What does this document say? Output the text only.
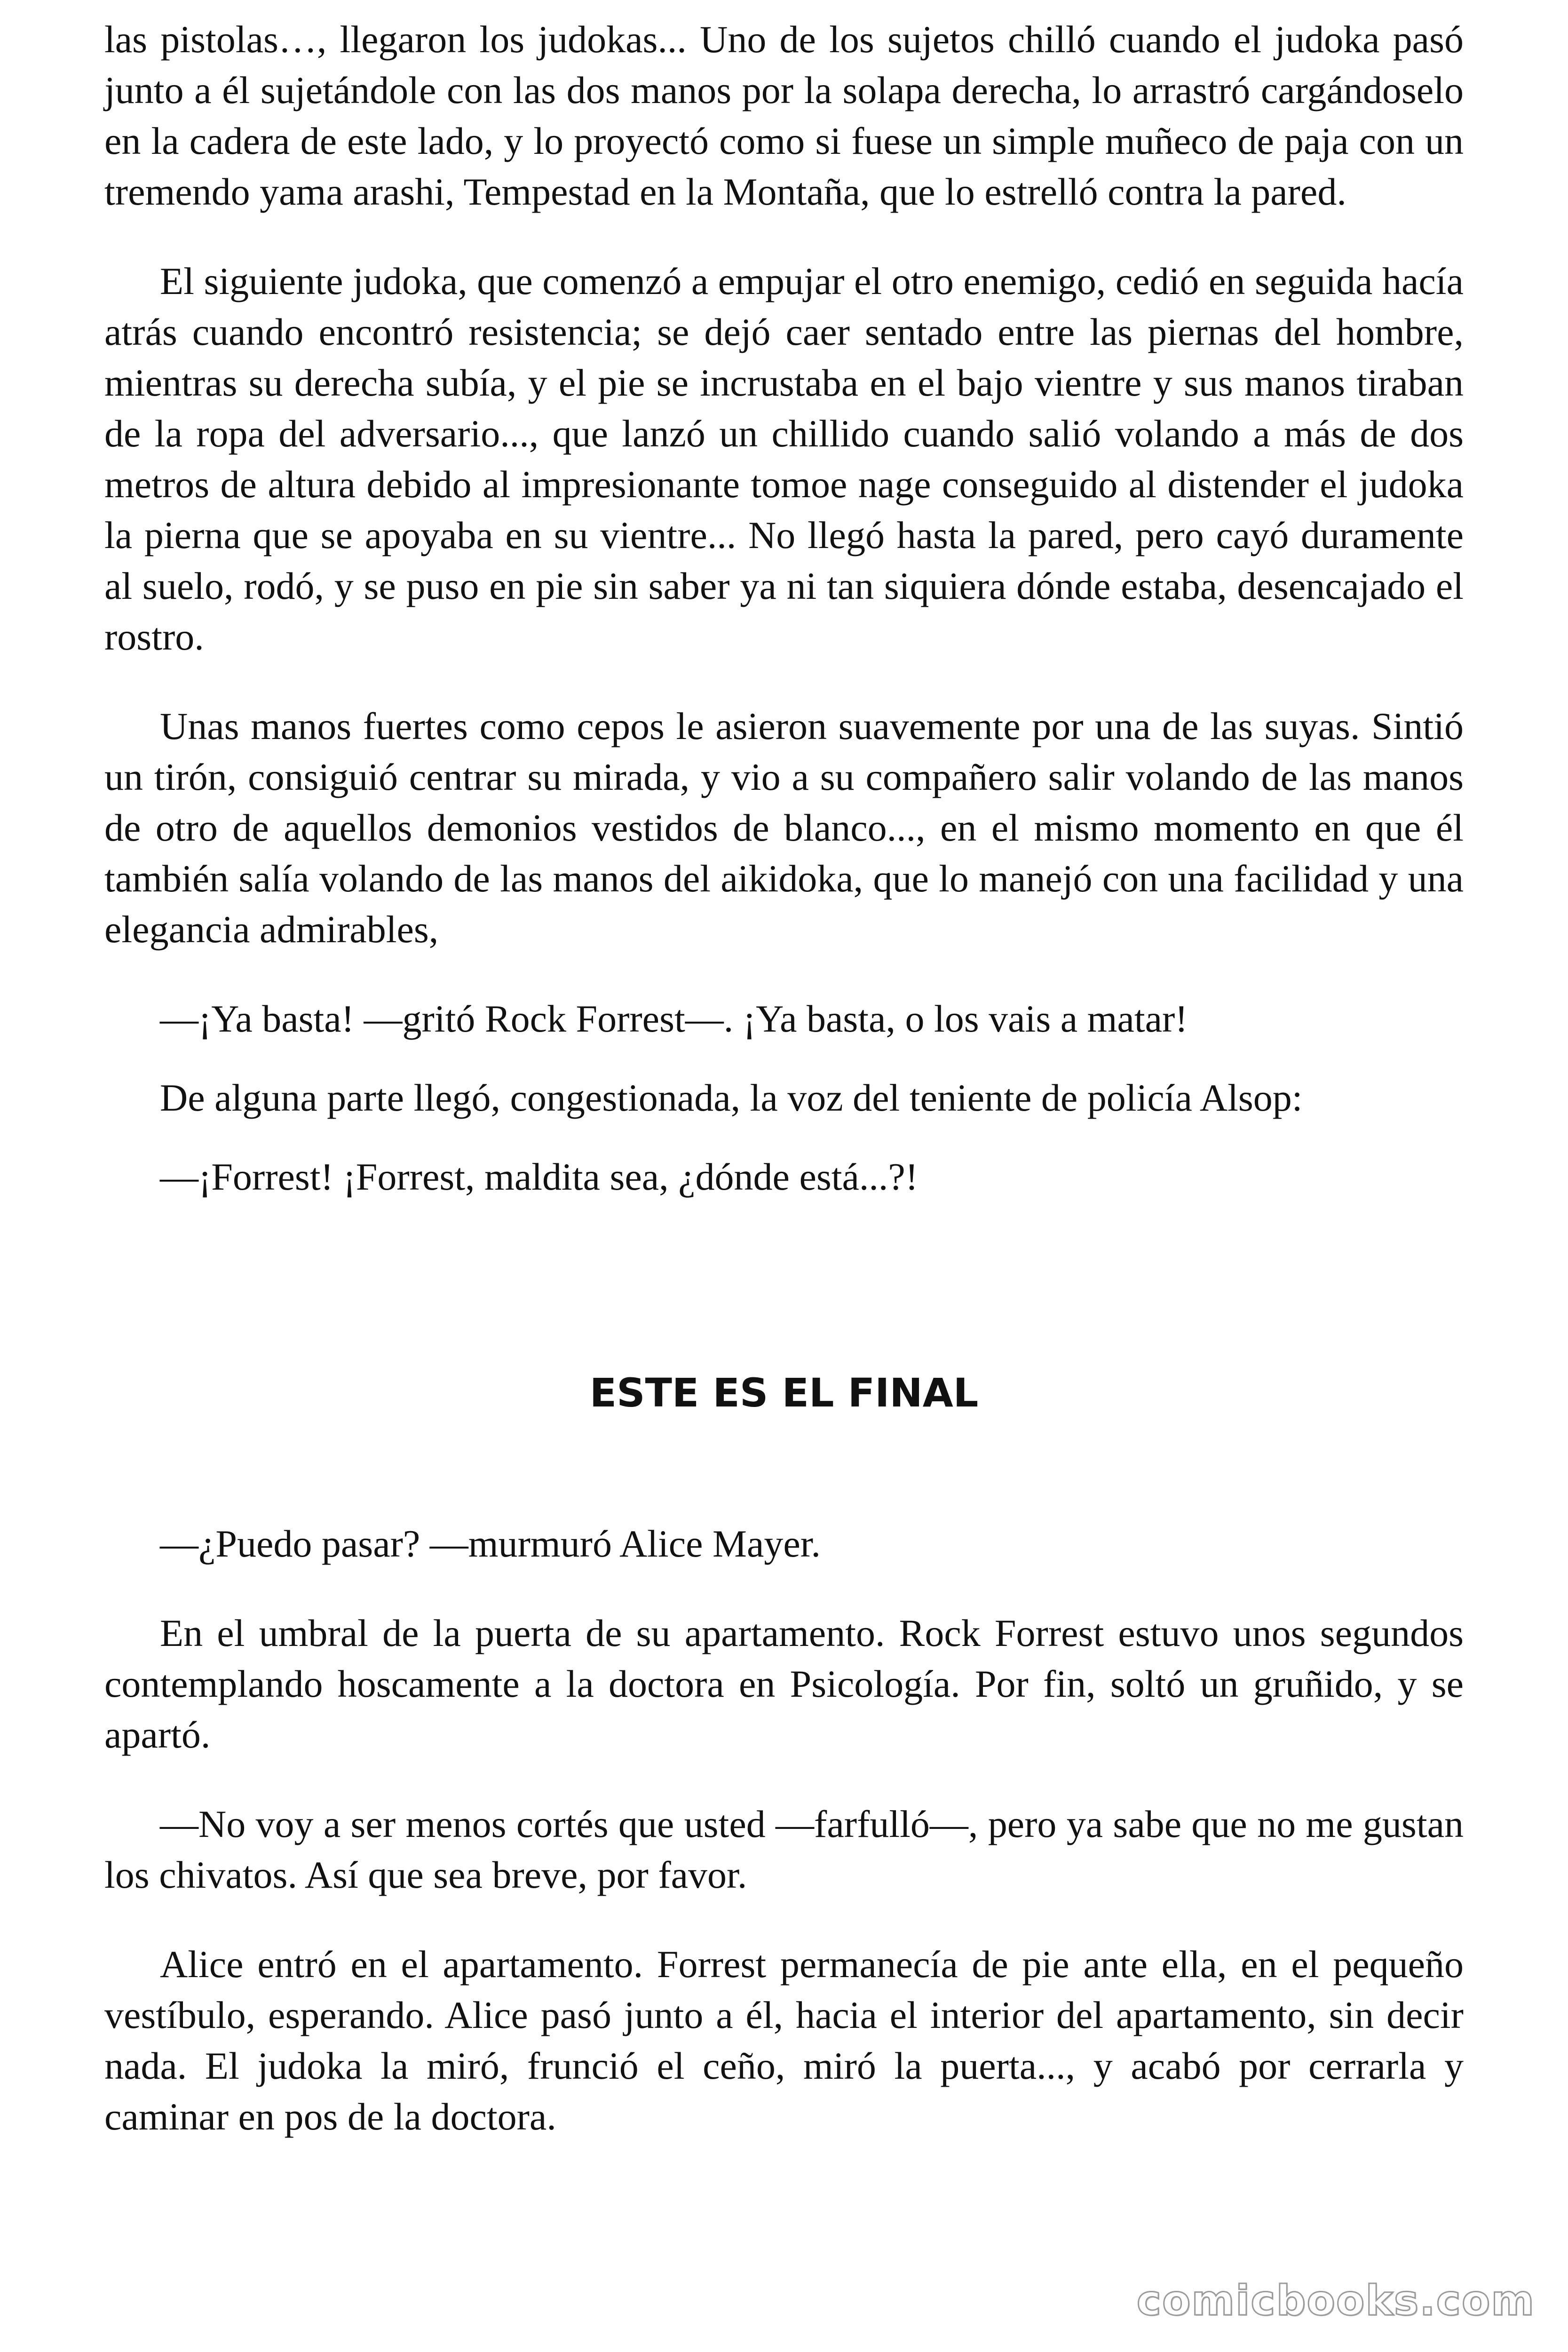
las pistolas…, llegaron los judokas... Uno de los sujetos chilló cuando el judoka pasó junto a él sujetándole con las dos manos por la solapa derecha, lo arrastró cargándoselo en la cadera de este lado, y lo proyectó como si fuese un simple muñeco de paja con un tremendo yama arashi, Tempestad en la Montaña, que lo estrelló contra la pared.

El siguiente judoka, que comenzó a empujar el otro enemigo, cedió en seguida hacía atrás cuando encontró resistencia; se dejó caer sentado entre las piernas del hombre, mientras su derecha subía, y el pie se incrustaba en el bajo vientre y sus manos tiraban de la ropa del adversario..., que lanzó un chillido cuando salió volando a más de dos metros de altura debido al impresionante tomoe nage conseguido al distender el judoka la pierna que se apoyaba en su vientre... No llegó hasta la pared, pero cayó duramente al suelo, rodó, y se puso en pie sin saber ya ni tan siquiera dónde estaba, desencajado el rostro.

Unas manos fuertes como cepos le asieron suavemente por una de las suyas. Sintió un tirón, consiguió centrar su mirada, y vio a su compañero salir volando de las manos de otro de aquellos demonios vestidos de blanco..., en el mismo momento en que él también salía volando de las manos del aikidoka, que lo manejó con una facilidad y una elegancia admirables,

—¡Ya basta! —gritó Rock Forrest—. ¡Ya basta, o los vais a matar!

De alguna parte llegó, congestionada, la voz del teniente de policía Alsop:

—¡Forrest! ¡Forrest, maldita sea, ¿dónde está...?!

ESTE ES EL FINAL

—¿Puedo pasar? —murmuró Alice Mayer.

En el umbral de la puerta de su apartamento. Rock Forrest estuvo unos segundos contemplando hoscamente a la doctora en Psicología. Por fin, soltó un gruñido, y se apartó.

—No voy a ser menos cortés que usted —farfulló—, pero ya sabe que no me gustan los chivatos. Así que sea breve, por favor.

Alice entró en el apartamento. Forrest permanecía de pie ante ella, en el pequeño vestíbulo, esperando. Alice pasó junto a él, hacia el interior del apartamento, sin decir nada. El judoka la miró, frunció el ceño, miró la puerta..., y acabó por cerrarla y caminar en pos de la doctora.

comicbooks.com
